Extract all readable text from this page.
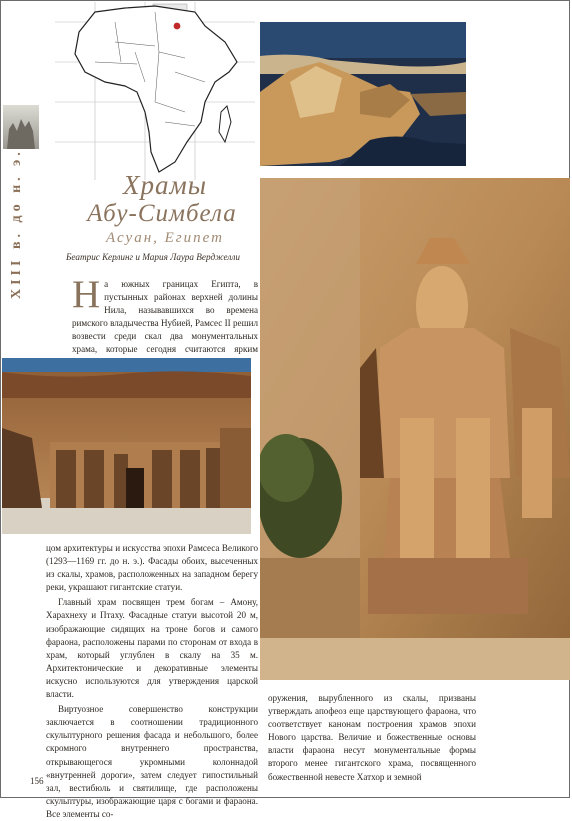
XIII в. до н. э.	Храмы
Абу-Симбела
Асуан, Египет
Беатрис Керлинг и Мария Лаура Верджелли
На южных границах Египта, в пустынных районах верхней долины Нила, называвшихся во времена римского владычества Нубией, Рамсес II решил возвести среди скал два монументальных храма, которые сегодня считаются ярким

цом архитектуры и искусства эпохи Рамсеса Великого (1293—1169 гг. до н. э.). Фасады обоих, высеченных из скалы, храмов, расположенных на западном берегу реки, украшают гигантские статуи.

Главный храм посвящен трем богам – Амону, Харахнеху и Птаху. Фасадные статуи высотой 20 м, изображающие сидящих на троне богов и самого фараона, расположены парами по сторонам от входа в храм, который углублен в скалу на 35 м. Архитектонические и декоративные элементы искусно используются для утверждения царской власти.

Виртуозное совершенство конструкции заключается в соотношении традиционного скульптурного решения фасада и небольшого, более скромного внутреннего пространства, открывающегося укромными колоннадой «внутренней дороги», затем следует гипостильный зал, вестибюль и святилище, где расположены скульптуры, изображающие царя с богами и фараона. Все элементы со-

оружения, вырубленного из скалы, призваны утверждать апофеоз еще царствующего фараона, что соответствует канонам построения храмов эпохи Нового царства. Величие и божественные основы власти фараона несут монументальные формы второго менее гигантского храма, посвященного божественной невесте Хатхор и земной

156
